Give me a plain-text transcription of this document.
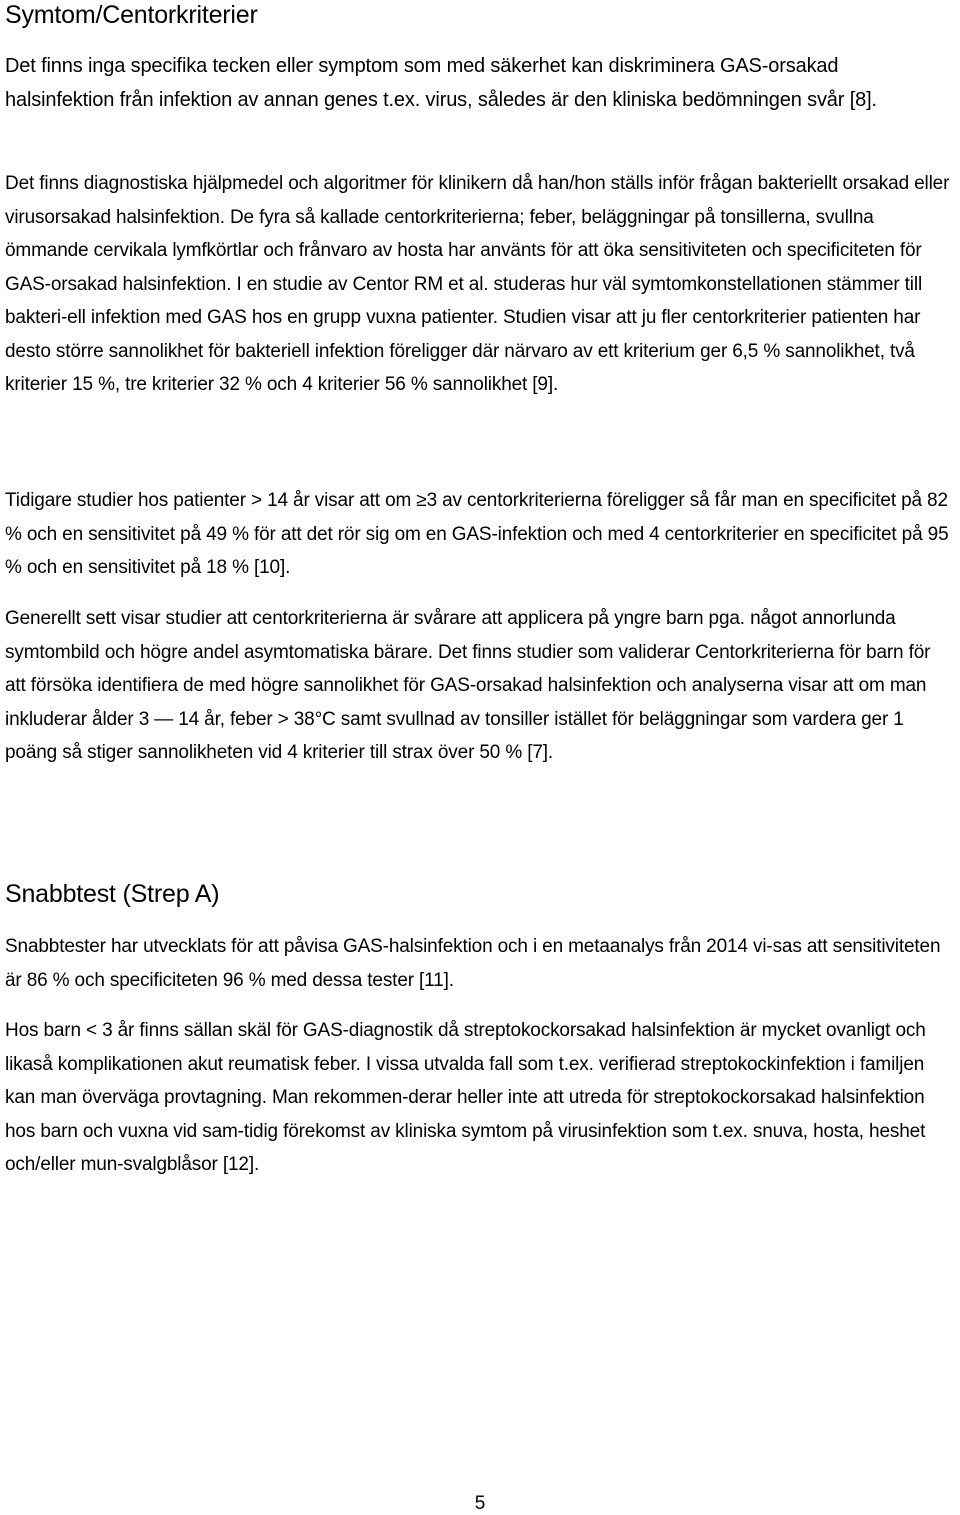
Symtom/Centorkriterier

Det finns inga specifika tecken eller symptom som med säkerhet kan diskriminera GAS-orsakad halsinfektion från infektion av annan genes t.ex. virus, således är den kliniska bedömningen svår [8].

Det finns diagnostiska hjälpmedel och algoritmer för klinikern då han/hon ställs inför frågan bakteriellt orsakad eller virusorsakad halsinfektion. De fyra så kallade centorkriterierna; feber, beläggningar på tonsillerna, svullna ömmande cervikala lymfkörtlar och frånvaro av hosta har använts för att öka sensitiviteten och specificiteten för GAS-orsakad halsinfektion. I en studie av Centor RM et al. studeras hur väl symtomkonstellationen stämmer till bakteri-ell infektion med GAS hos en grupp vuxna patienter. Studien visar att ju fler centorkriterier patienten har desto större sannolikhet för bakteriell infektion föreligger där närvaro av ett kriterium ger 6,5 % sannolikhet, två kriterier 15 %, tre kriterier 32 % och 4 kriterier 56 % sannolikhet [9].

Tidigare studier hos patienter > 14 år visar att om ≥3 av centorkriterierna föreligger så får man en specificitet på 82 % och en sensitivitet på 49 % för att det rör sig om en GAS-infektion och med 4 centorkriterier en specificitet på 95 % och en sensitivitet på 18 % [10].

Generellt sett visar studier att centorkriterierna är svårare att applicera på yngre barn pga. något annorlunda symtombild och högre andel asymtomatiska bärare. Det finns studier som validerar Centorkriterierna för barn för att försöka identifiera de med högre sannolikhet för GAS-orsakad halsinfektion och analyserna visar att om man inkluderar ålder 3 — 14 år, feber > 38°C samt svullnad av tonsiller istället för beläggningar som vardera ger 1 poäng så stiger sannolikheten vid 4 kriterier till strax över 50 % [7].

Snabbtest (Strep A)

Snabbtester har utvecklats för att påvisa GAS-halsinfektion och i en metaanalys från 2014 vi-sas att sensitiviteten är 86 % och specificiteten 96 % med dessa tester [11].

Hos barn < 3 år finns sällan skäl för GAS-diagnostik då streptokockorsakad halsinfektion är mycket ovanligt och likaså komplikationen akut reumatisk feber. I vissa utvalda fall som t.ex. verifierad streptokockinfektion i familjen kan man överväga provtagning. Man rekommen-derar heller inte att utreda för streptokockorsakad halsinfektion hos barn och vuxna vid sam-tidig förekomst av kliniska symtom på virusinfektion som t.ex. snuva, hosta, heshet och/eller mun-svalgblåsor [12].

5
